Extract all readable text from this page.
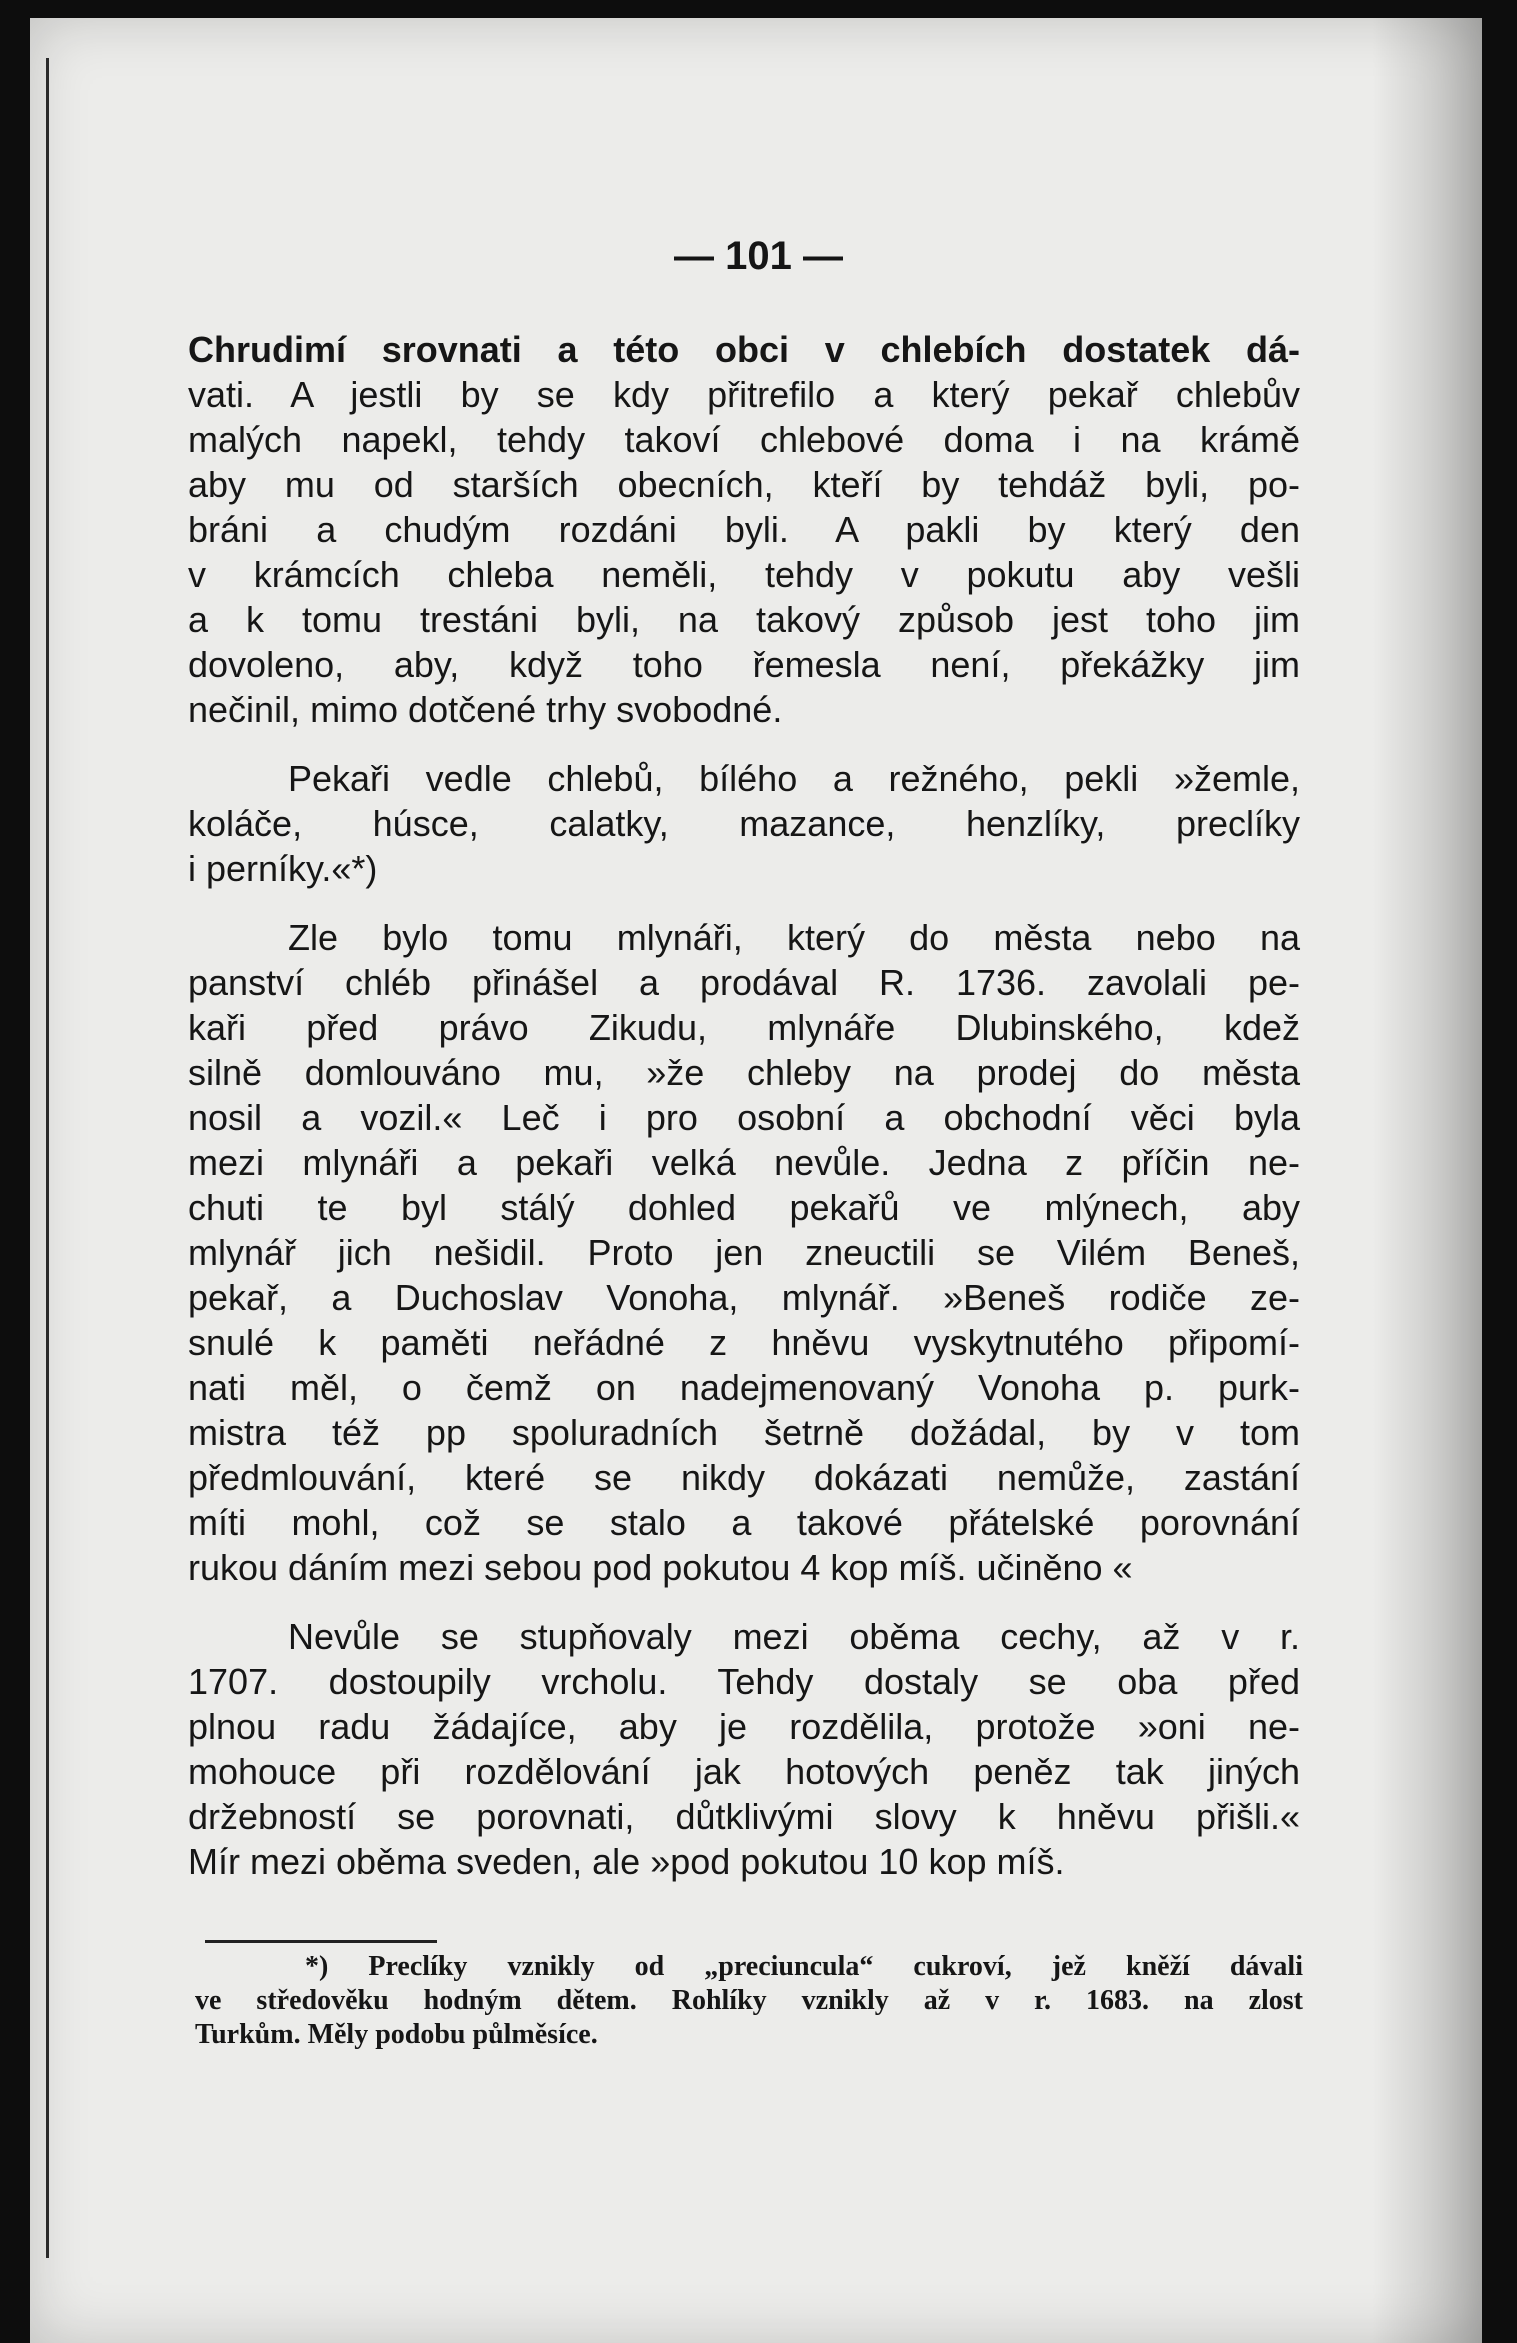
— 101 —
Chrudimí srovnati a této obci v chlebích dostatek dá-
vati. A jestli by se kdy přitrefilo a který pekař chlebův
malých napekl, tehdy takoví chlebové doma i na krámě
aby mu od starších obecních, kteří by tehdáž byli, po-
bráni a chudým rozdáni byli. A pakli by který den
v krámcích chleba neměli, tehdy v pokutu aby vešli
a k tomu trestáni byli, na takový způsob jest toho jim
dovoleno, aby, když toho řemesla není, překážky jim
nečinil, mimo dotčené trhy svobodné.
Pekaři vedle chlebů, bílého a režného, pekli »žemle,
koláče, húsce, calatky, mazance, henzlíky, preclíky
i perníky.«*)
Zle bylo tomu mlynáři, který do města nebo na
panství chléb přinášel a prodával R. 1736. zavolali pe-
kaři před právo Zikudu, mlynáře Dlubinského, kdež
silně domlouváno mu, »že chleby na prodej do města
nosil a vozil.« Leč i pro osobní a obchodní věci byla
mezi mlynáři a pekaři velká nevůle. Jedna z příčin ne-
chuti te byl stálý dohled pekařů ve mlýnech, aby
mlynář jich nešidil. Proto jen zneuctili se Vilém Beneš,
pekař, a Duchoslav Vonoha, mlynář. »Beneš rodiče ze-
snulé k paměti neřádné z hněvu vyskytnutého připomí-
nati měl, o čemž on nadejmenovaný Vonoha p. purk-
mistra též pp spoluradních šetrně dožádal, by v tom
předmlouvání, které se nikdy dokázati nemůže, zastání
míti mohl, což se stalo a takové přátelské porovnání
rukou dáním mezi sebou pod pokutou 4 kop míš. učiněno «
Nevůle se stupňovaly mezi oběma cechy, až v r.
1707. dostoupily vrcholu. Tehdy dostaly se oba před
plnou radu žádajíce, aby je rozdělila, protože »oni ne-
mohouce při rozdělování jak hotových peněz tak jiných
držebností se porovnati, důtklivými slovy k hněvu přišli.«
Mír mezi oběma sveden, ale »pod pokutou 10 kop míš.
*) Preclíky vznikly od „preciuncula“ cukroví, jež kněží dávali
ve středověku hodným dětem. Rohlíky vznikly až v r. 1683. na zlost
Turkům. Měly podobu půlměsíce.
